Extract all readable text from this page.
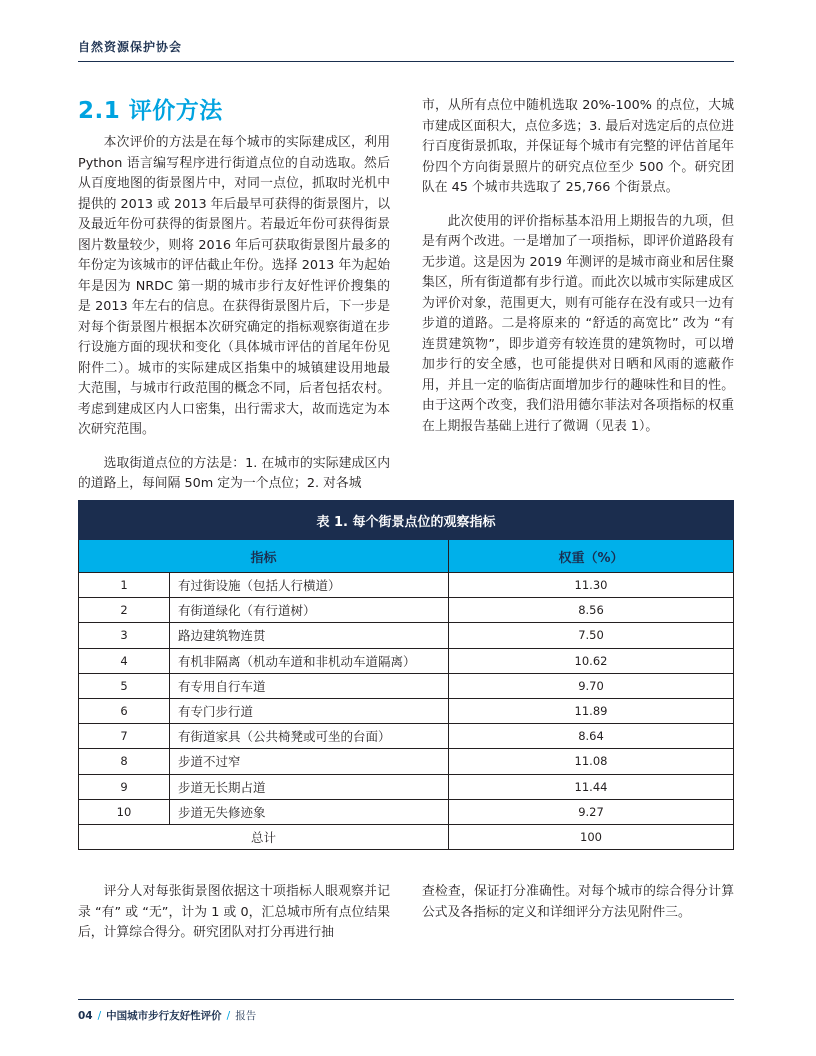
自然资源保护协会
2.1 评价方法

本次评价的方法是在每个城市的实际建成区，利用 Python 语言编写程序进行街道点位的自动选取。然后从百度地图的街景图片中，对同一点位，抓取时光机中提供的 2013 或 2013 年后最早可获得的街景图片，以及最近年份可获得的街景图片。若最近年份可获得街景图片数量较少，则将 2016 年后可获取街景图片最多的年份定为该城市的评估截止年份。选择 2013 年为起始年是因为 NRDC 第一期的城市步行友好性评价搜集的是 2013 年左右的信息。在获得街景图片后，下一步是对每个街景图片根据本次研究确定的指标观察街道在步行设施方面的现状和变化（具体城市评估的首尾年份见附件二）。城市的实际建成区指集中的城镇建设用地最大范围，与城市行政范围的概念不同，后者包括农村。考虑到建成区内人口密集，出行需求大，故而选定为本次研究范围。

选取街道点位的方法是：1. 在城市的实际建成区内的道路上，每间隔 50m 定为一个点位；2. 对各城

市，从所有点位中随机选取 20%-100% 的点位，大城市建成区面积大，点位多选；3. 最后对选定后的点位进行百度街景抓取，并保证每个城市有完整的评估首尾年份四个方向街景照片的研究点位至少 500 个。研究团队在 45 个城市共选取了 25,766 个街景点。

此次使用的评价指标基本沿用上期报告的九项，但是有两个改进。一是增加了一项指标，即评价道路段有无步道。这是因为 2019 年测评的是城市商业和居住聚集区，所有街道都有步行道。而此次以城市实际建成区为评价对象，范围更大，则有可能存在没有或只一边有步道的道路。二是将原来的 “舒适的高宽比” 改为 “有连贯建筑物”，即步道旁有较连贯的建筑物时，可以增加步行的安全感，也可能提供对日晒和风雨的遮蔽作用，并且一定的临街店面增加步行的趣味性和目的性。 由于这两个改变，我们沿用德尔菲法对各项指标的权重在上期报告基础上进行了微调（见表 1）。

表 1. 每个街景点位的观察指标		
指标		权重（%）
1	有过街设施（包括人行横道）	11.30
2	有街道绿化（有行道树）	8.56
3	路边建筑物连贯	7.50
4	有机非隔离（机动车道和非机动车道隔离）	10.62
5	有专用自行车道	9.70
6	有专门步行道	11.89
7	有街道家具（公共椅凳或可坐的台面）	8.64
8	步道不过窄	11.08
9	步道无长期占道	11.44
10	步道无失修迹象	9.27
总计		100

评分人对每张街景图依据这十项指标人眼观察并记录 “有” 或 “无”，计为 1 或 0，汇总城市所有点位结果后，计算综合得分。研究团队对打分再进行抽

查检查，保证打分准确性。对每个城市的综合得分计算公式及各指标的定义和详细评分方法见附件三。

04 / 中国城市步行友好性评价 / 报告
